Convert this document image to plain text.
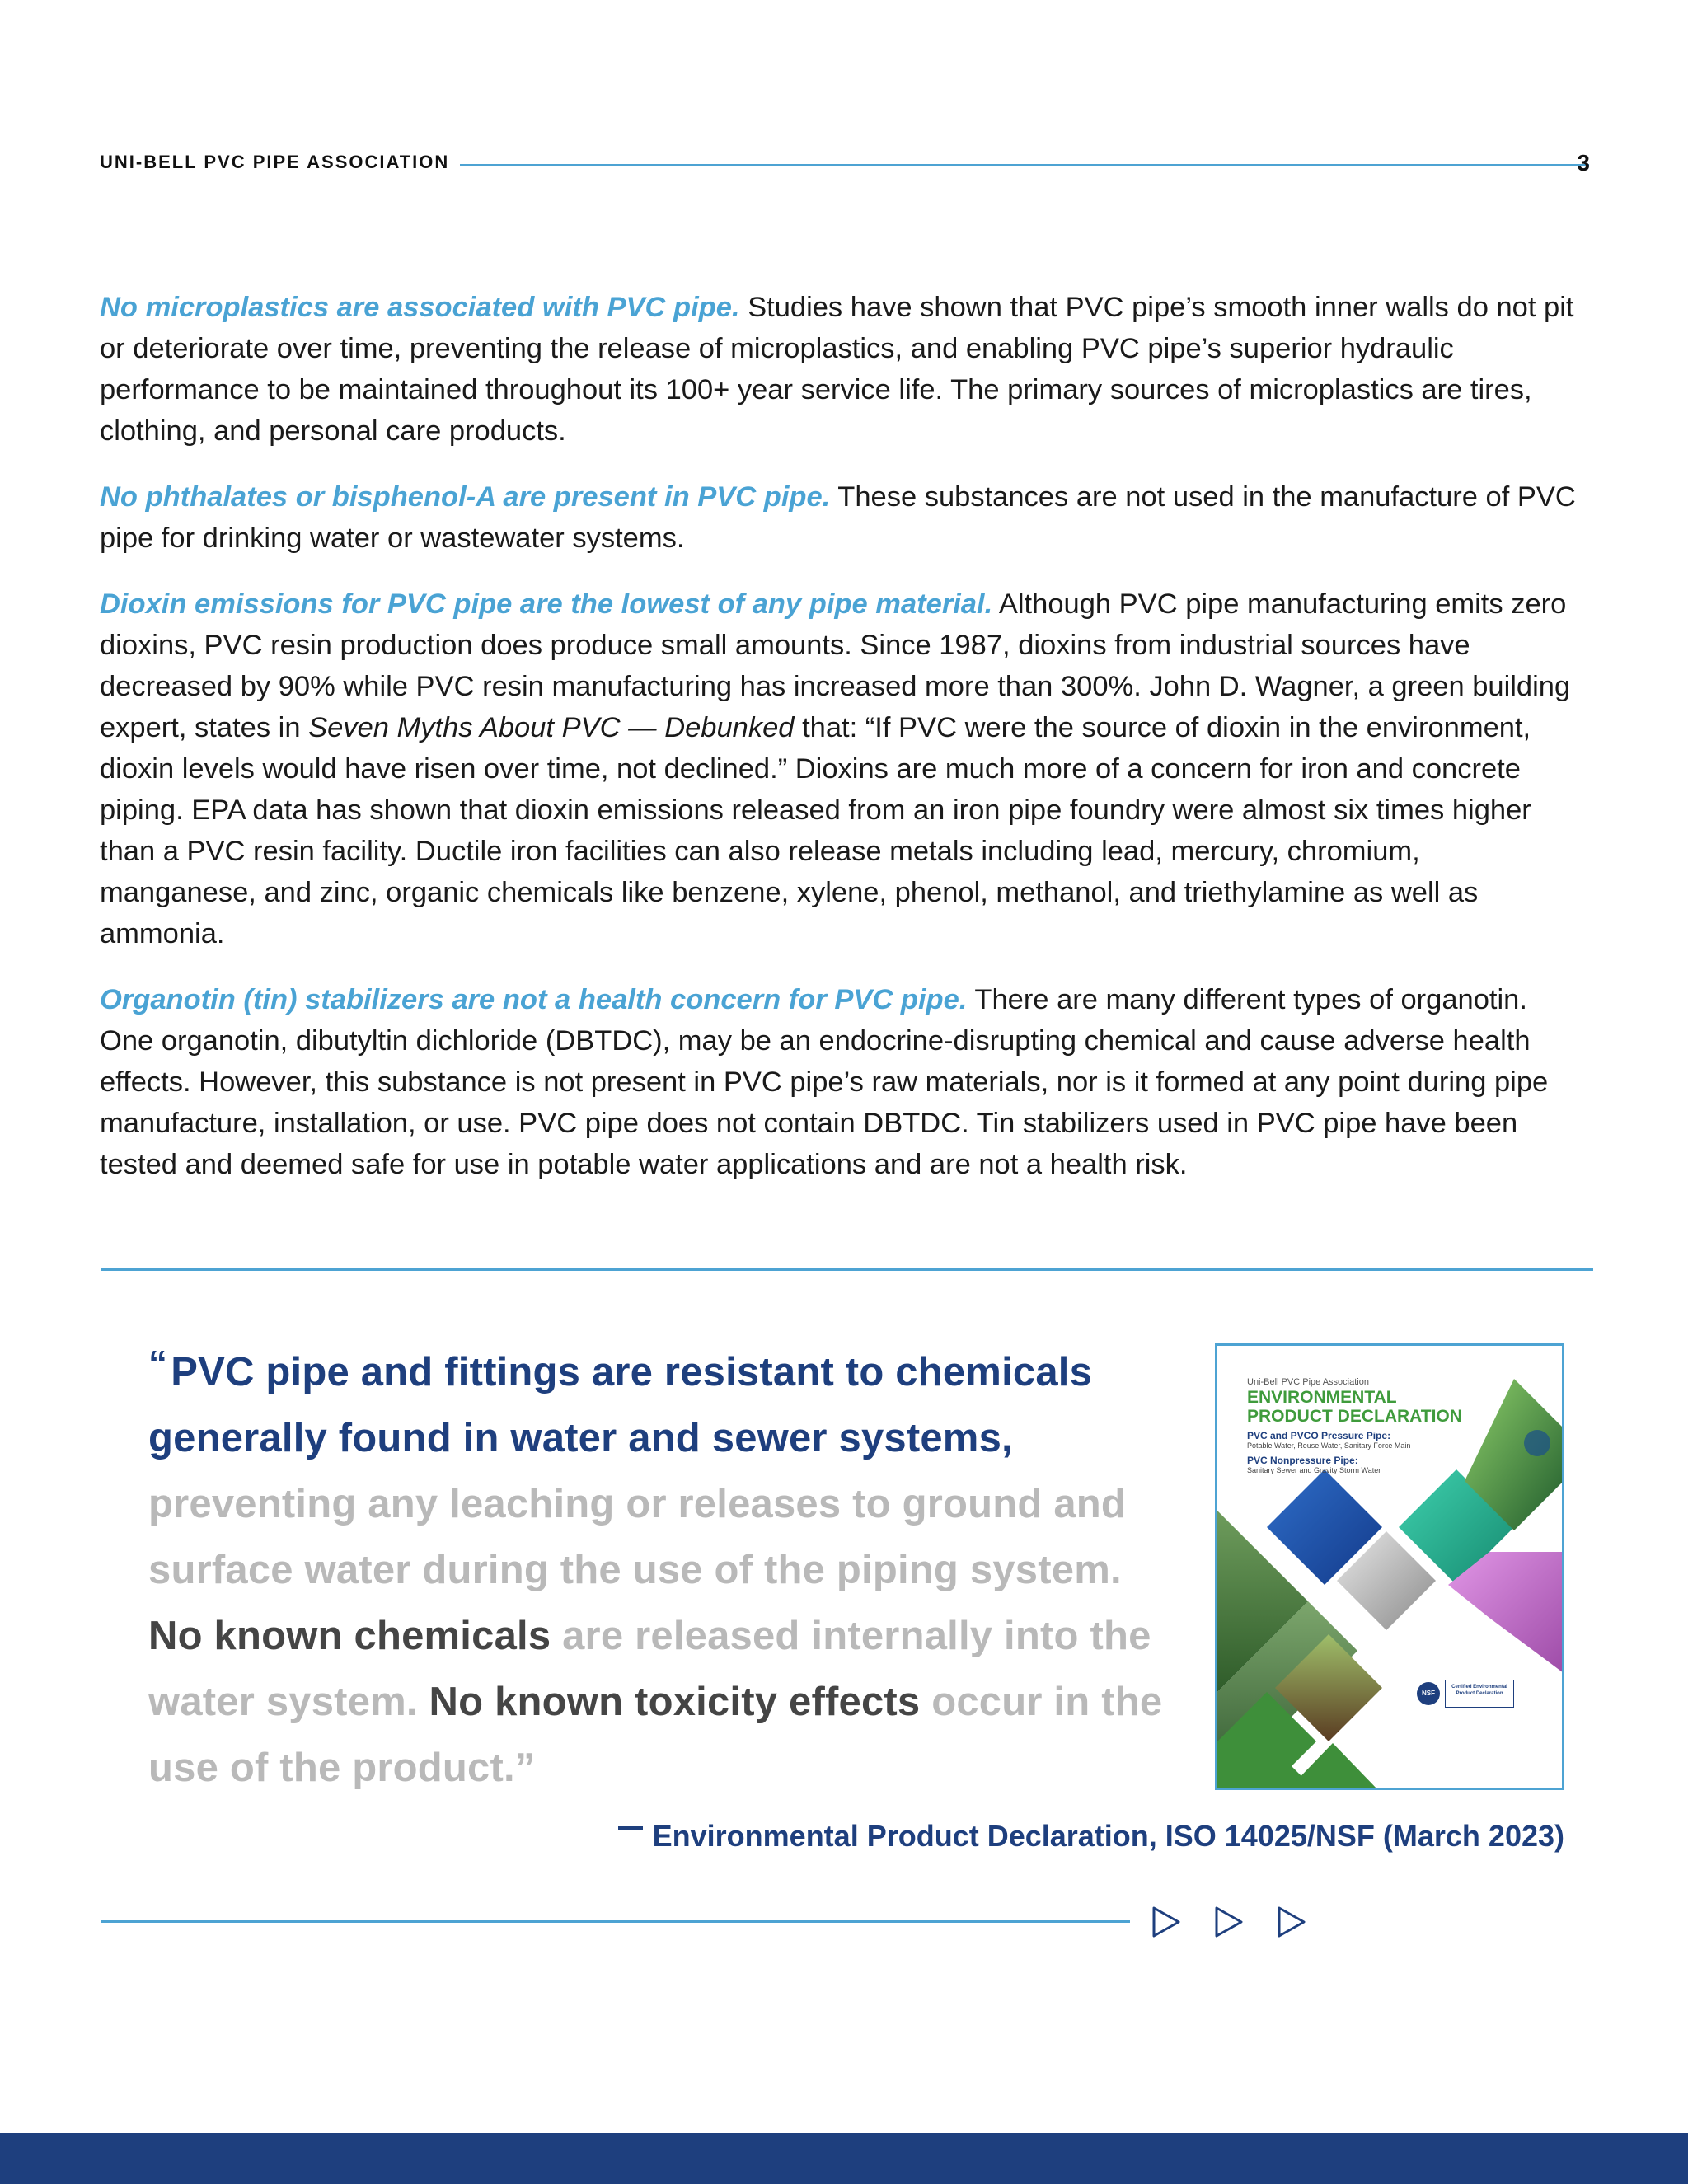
UNI-BELL PVC PIPE ASSOCIATION	3

No microplastics are associated with PVC pipe. Studies have shown that PVC pipe’s smooth inner walls do not pit or deteriorate over time, preventing the release of microplastics, and enabling PVC pipe’s superior hydraulic performance to be maintained throughout its 100+ year service life. The primary sources of microplastics are tires, clothing, and personal care products.

No phthalates or bisphenol-A are present in PVC pipe. These substances are not used in the manufacture of PVC pipe for drinking water or wastewater systems.

Dioxin emissions for PVC pipe are the lowest of any pipe material. Although PVC pipe manufacturing emits zero dioxins, PVC resin production does produce small amounts. Since 1987, dioxins from industrial sources have decreased by 90% while PVC resin manufacturing has increased more than 300%. John D. Wagner, a green building expert, states in Seven Myths About PVC — Debunked that: “If PVC were the source of dioxin in the environment, dioxin levels would have risen over time, not declined.” Dioxins are much more of a concern for iron and concrete piping. EPA data has shown that dioxin emissions released from an iron pipe foundry were almost six times higher than a PVC resin facility. Ductile iron facilities can also release metals including lead, mercury, chromium, manganese, and zinc, organic chemicals like benzene, xylene, phenol, methanol, and triethylamine as well as ammonia.

Organotin (tin) stabilizers are not a health concern for PVC pipe. There are many different types of organotin. One organotin, dibutyltin dichloride (DBTDC), may be an endocrine-disrupting chemical and cause adverse health effects. However, this substance is not present in PVC pipe’s raw materials, nor is it formed at any point during pipe manufacture, installation, or use. PVC pipe does not contain DBTDC. Tin stabilizers used in PVC pipe have been tested and deemed safe for use in potable water applications and are not a health risk.

“PVC pipe and fittings are resistant to chemicals generally found in water and sewer systems, preventing any leaching or releases to ground and surface water during the use of the piping system. No known chemicals are released internally into the water system. No known toxicity effects occur in the use of the product.”
Uni-Bell PVC Pipe Association
ENVIRONMENTAL
PRODUCT DECLARATION
PVC and PVCO Pressure Pipe:
Potable Water, Reuse Water, Sanitary Force Main
PVC Nonpressure Pipe:
Sanitary Sewer and Gravity Storm Water
NSF
Certified Environmental Product Declaration
Environmental Product Declaration, ISO 14025/NSF (March 2023)
